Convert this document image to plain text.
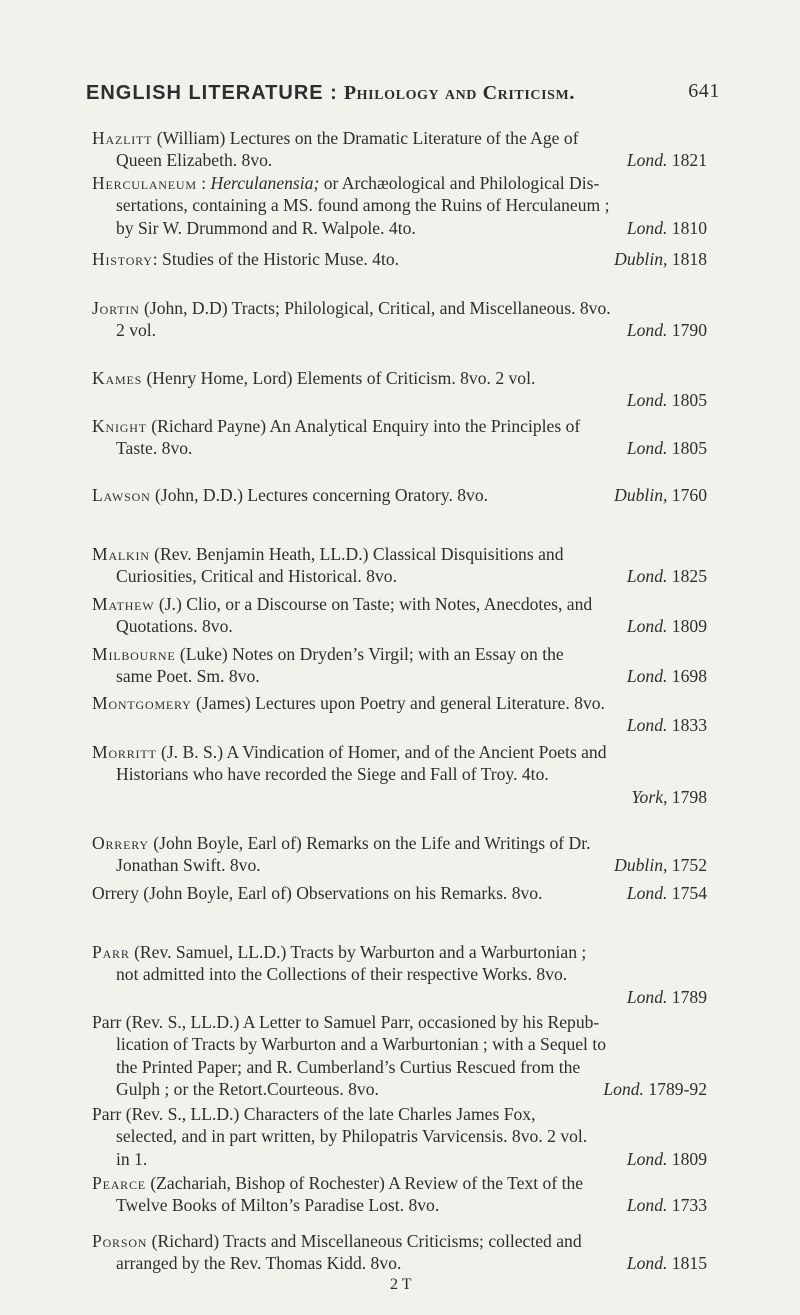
ENGLISH LITERATURE : Philology and Criticism.	641
Hazlitt (William) Lectures on the Dramatic Literature of the Age of
Queen Elizabeth. 8vo.	Lond. 1821
Herculaneum : Herculanensia; or Archæological and Philological Dis-
sertations, containing a MS. found among the Ruins of Herculaneum ;
by Sir W. Drummond and R. Walpole. 4to.	Lond. 1810
History: Studies of the Historic Muse. 4to.	Dublin, 1818
Jortin (John, D.D) Tracts; Philological, Critical, and Miscellaneous. 8vo.
2 vol.	Lond. 1790
Kames (Henry Home, Lord) Elements of Criticism. 8vo. 2 vol.
Lond. 1805

Knight (Richard Payne) An Analytical Enquiry into the Principles of
Taste. 8vo.	Lond. 1805
Lawson (John, D.D.) Lectures concerning Oratory. 8vo.	Dublin, 1760
Malkin (Rev. Benjamin Heath, LL.D.) Classical Disquisitions and
Curiosities, Critical and Historical. 8vo.	Lond. 1825
Mathew (J.) Clio, or a Discourse on Taste; with Notes, Anecdotes, and
Quotations. 8vo.	Lond. 1809
Milbourne (Luke) Notes on Dryden’s Virgil; with an Essay on the
same Poet. Sm. 8vo.	Lond. 1698
Montgomery (James) Lectures upon Poetry and general Literature. 8vo.
Lond. 1833

Morritt (J. B. S.) A Vindication of Homer, and of the Ancient Poets and
Historians who have recorded the Siege and Fall of Troy. 4to.
York, 1798

Orrery (John Boyle, Earl of) Remarks on the Life and Writings of Dr.
Jonathan Swift. 8vo.	Dublin, 1752
Orrery (John Boyle, Earl of) Observations on his Remarks. 8vo.	Lond. 1754
Parr (Rev. Samuel, LL.D.) Tracts by Warburton and a Warburtonian ;
not admitted into the Collections of their respective Works. 8vo.
Lond. 1789

Parr (Rev. S., LL.D.) A Letter to Samuel Parr, occasioned by his Repub-
lication of Tracts by Warburton and a Warburtonian ; with a Sequel to
the Printed Paper; and R. Cumberland’s Curtius Rescued from the
Gulph ; or the Retort.Courteous. 8vo.	Lond. 1789-92
Parr (Rev. S., LL.D.) Characters of the late Charles James Fox,
selected, and in part written, by Philopatris Varvicensis. 8vo. 2 vol.
in 1.	Lond. 1809
Pearce (Zachariah, Bishop of Rochester) A Review of the Text of the
Twelve Books of Milton’s Paradise Lost. 8vo.	Lond. 1733
Porson (Richard) Tracts and Miscellaneous Criticisms; collected and
arranged by the Rev. Thomas Kidd. 8vo.	Lond. 1815
2 T
